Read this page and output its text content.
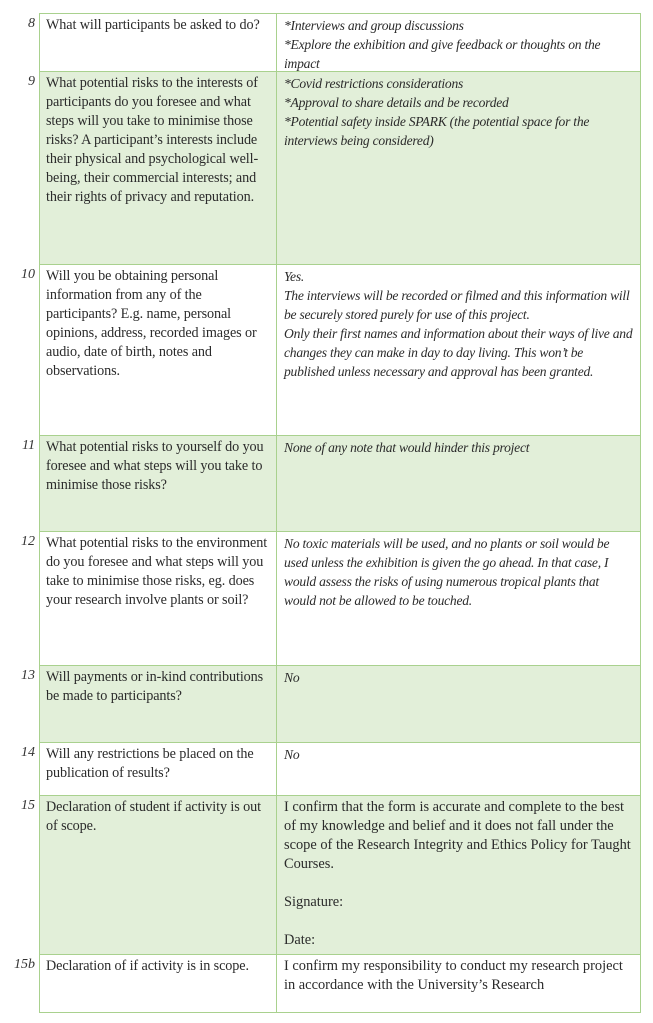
8 What will participants be asked to do?	*Interviews and group discussions
*Explore the exhibition and give feedback or thoughts on the impact
9 What potential risks to the interests of participants do you foresee and what steps will you take to minimise those risks? A participant’s interests include their physical and psychological well-being, their commercial interests; and their rights of privacy and reputation.
*Covid restrictions considerations
*Approval to share details and be recorded
*Potential safety inside SPARK (the potential space for the interviews being considered)
10 Will you be obtaining personal information from any of the participants? E.g. name, personal opinions, address, recorded images or audio, date of birth, notes and observations.
Yes.
The interviews will be recorded or filmed and this information will be securely stored purely for use of this project.
Only their first names and information about their ways of live and changes they can make in day to day living. This won’t be published unless necessary and approval has been granted.
11 What potential risks to yourself do you foresee and what steps will you take to minimise those risks?
None of any note that would hinder this project
12 What potential risks to the environment do you foresee and what steps will you take to minimise those risks, eg. does your research involve plants or soil?
No toxic materials will be used, and no plants or soil would be used unless the exhibition is given the go ahead. In that case, I would assess the risks of using numerous tropical plants that would not be allowed to be touched.
13 Will payments or in-kind contributions be made to participants?
No
14 Will any restrictions be placed on the publication of results?
No
15 Declaration of student if activity is out of scope.
I confirm that the form is accurate and complete to the best of my knowledge and belief and it does not fall under the scope of the Research Integrity and Ethics Policy for Taught Courses.
Signature:
Date:
15b Declaration of if activity is in scope.	I confirm my responsibility to conduct my research project in accordance with the University’s Research
